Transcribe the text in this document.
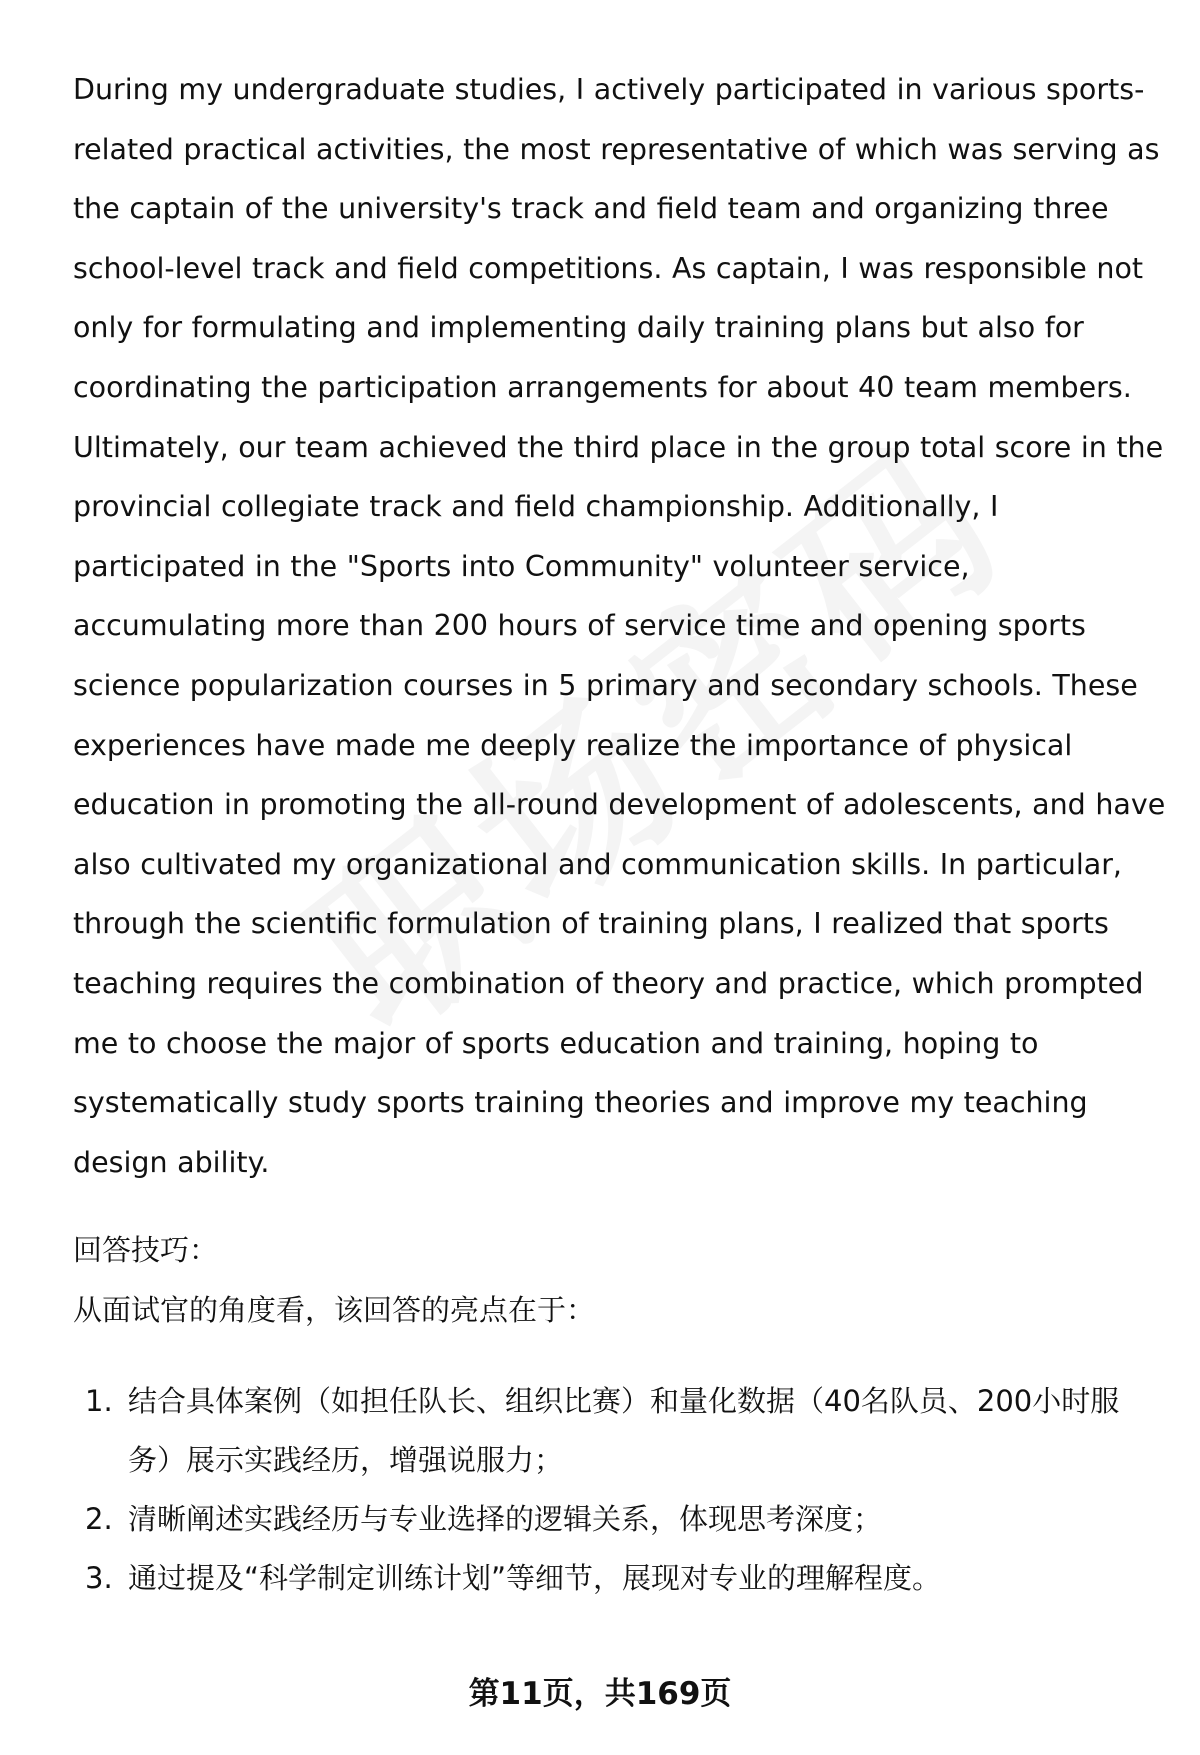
During my undergraduate studies, I actively participated in various sports-related practical activities, the most representative of which was serving as the captain of the university's track and field team and organizing three school-level track and field competitions. As captain, I was responsible not only for formulating and implementing daily training plans but also for coordinating the participation arrangements for about 40 team members. Ultimately, our team achieved the third place in the group total score in the provincial collegiate track and field championship. Additionally, I participated in the "Sports into Community" volunteer service, accumulating more than 200 hours of service time and opening sports science popularization courses in 5 primary and secondary schools. These experiences have made me deeply realize the importance of physical education in promoting the all-round development of adolescents, and have also cultivated my organizational and communication skills. In particular, through the scientific formulation of training plans, I realized that sports teaching requires the combination of theory and practice, which prompted me to choose the major of sports education and training, hoping to systematically study sports training theories and improve my teaching design ability.

回答技巧：

从面试官的角度看，该回答的亮点在于：

1. 结合具体案例（如担任队长、组织比赛）和量化数据（40名队员、200小时服务）展示实践经历，增强说服力；
2. 清晰阐述实践经历与专业选择的逻辑关系，体现思考深度；
3. 通过提及“科学制定训练计划”等细节，展现对专业的理解程度。
第11页，共169页
